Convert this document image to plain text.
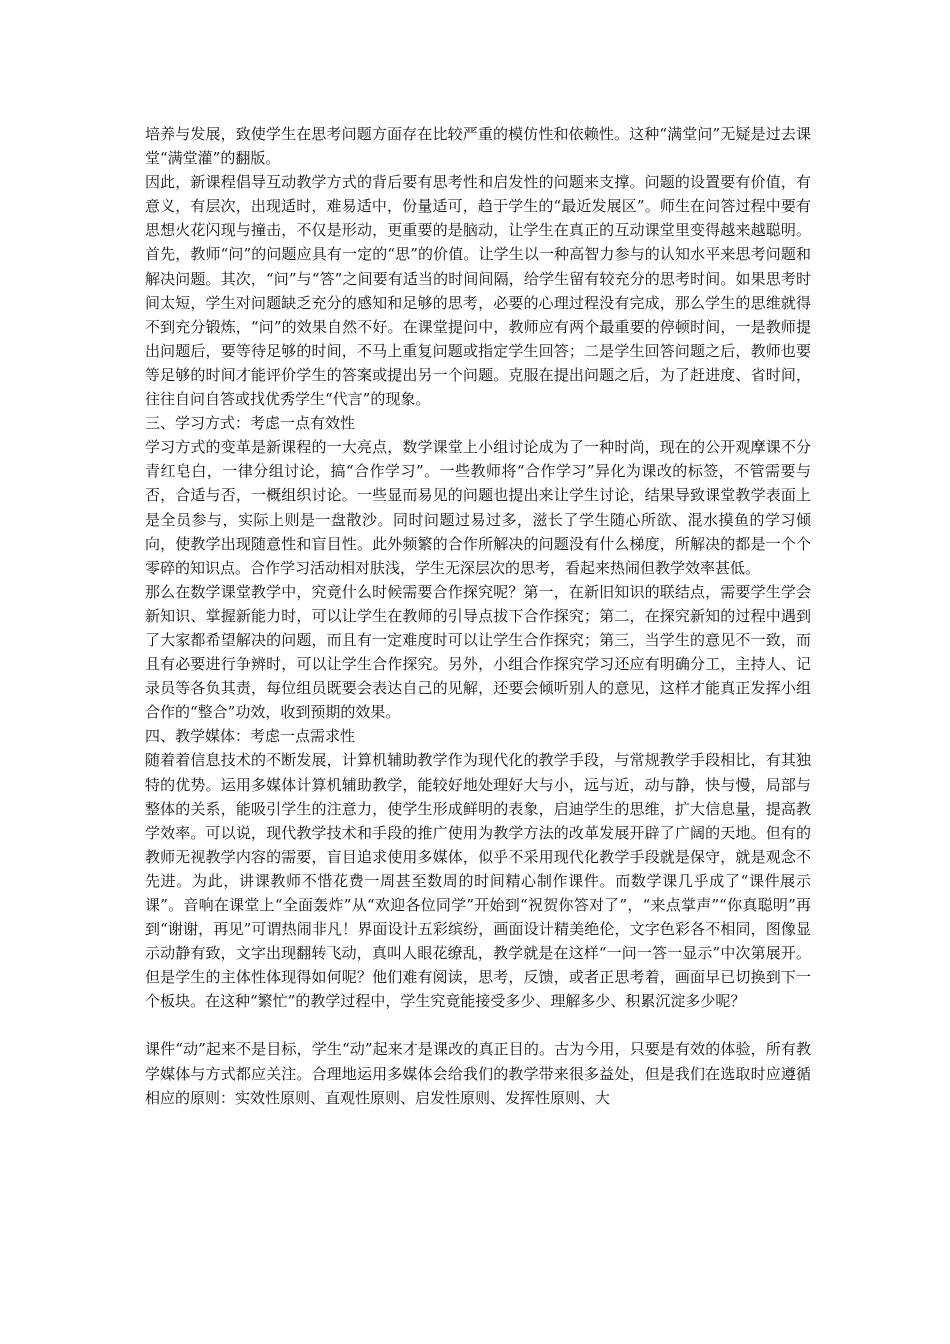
培养与发展，致使学生在思考问题方面存在比较严重的模仿性和依赖性。这种“满堂问”无疑是过去课堂“满堂灌”的翻版。

因此，新课程倡导互动教学方式的背后要有思考性和启发性的问题来支撑。问题的设置要有价值，有意义，有层次，出现适时，难易适中，份量适可，趋于学生的“最近发展区”。师生在问答过程中要有思想火花闪现与撞击，不仅是形动，更重要的是脑动，让学生在真正的互动课堂里变得越来越聪明。首先，教师“问”的问题应具有一定的“思”的价值。让学生以一种高智力参与的认知水平来思考问题和解决问题。其次，“问”与“答”之间要有适当的时间间隔，给学生留有较充分的思考时间。如果思考时间太短，学生对问题缺乏充分的感知和足够的思考，必要的心理过程没有完成，那么学生的思维就得不到充分锻炼，“问”的效果自然不好。在课堂提问中，教师应有两个最重要的停顿时间，一是教师提出问题后，要等待足够的时间，不马上重复问题或指定学生回答；二是学生回答问题之后，教师也要等足够的时间才能评价学生的答案或提出另一个问题。克服在提出问题之后，为了赶进度、省时间，往往自问自答或找优秀学生“代言”的现象。

三、学习方式：考虑一点有效性

学习方式的变革是新课程的一大亮点，数学课堂上小组讨论成为了一种时尚，现在的公开观摩课不分青红皂白，一律分组讨论，搞“合作学习”。一些教师将“合作学习”异化为课改的标签，不管需要与否，合适与否，一概组织讨论。一些显而易见的问题也提出来让学生讨论，结果导致课堂教学表面上是全员参与，实际上则是一盘散沙。同时问题过易过多，滋长了学生随心所欲、混水摸鱼的学习倾向，使教学出现随意性和盲目性。此外频繁的合作所解决的问题没有什么梯度，所解决的都是一个个零碎的知识点。合作学习活动相对肤浅，学生无深层次的思考，看起来热闹但教学效率甚低。

那么在数学课堂教学中，究竟什么时候需要合作探究呢？第一，在新旧知识的联结点，需要学生学会新知识、掌握新能力时，可以让学生在教师的引导点拔下合作探究；第二，在探究新知的过程中遇到了大家都希望解决的问题，而且有一定难度时可以让学生合作探究；第三，当学生的意见不一致，而且有必要进行争辨时，可以让学生合作探究。另外，小组合作探究学习还应有明确分工，主持人、记录员等各负其责，每位组员既要会表达自己的见解，还要会倾听别人的意见，这样才能真正发挥小组合作的“整合”功效，收到预期的效果。

四、教学媒体：考虑一点需求性

随着着信息技术的不断发展，计算机辅助教学作为现代化的教学手段，与常规教学手段相比，有其独特的优势。运用多媒体计算机辅助教学，能较好地处理好大与小，远与近，动与静，快与慢，局部与整体的关系，能吸引学生的注意力，使学生形成鲜明的表象，启迪学生的思维，扩大信息量，提高教学效率。可以说，现代教学技术和手段的推广使用为教学方法的改革发展开辟了广阔的天地。但有的教师无视教学内容的需要，盲目追求使用多媒体，似乎不采用现代化教学手段就是保守，就是观念不先进。为此，讲课教师不惜花费一周甚至数周的时间精心制作课件。而数学课几乎成了“课件展示课”。音响在课堂上“全面轰炸”从“欢迎各位同学”开始到“祝贺你答对了”，“来点掌声”“你真聪明”再到“谢谢，再见”可谓热闹非凡！界面设计五彩缤纷，画面设计精美绝伦，文字色彩各不相同，图像显示动静有致，文字出现翻转飞动，真叫人眼花缭乱，教学就是在这样“一问一答一显示”中次第展开。但是学生的主体性体现得如何呢？他们难有阅读，思考，反馈，或者正思考着，画面早已切换到下一个板块。在这种“繁忙”的教学过程中，学生究竟能接受多少、理解多少、积累沉淀多少呢？

课件“动”起来不是目标，学生“动”起来才是课改的真正目的。古为今用，只要是有效的体验，所有教学媒体与方式都应关注。合理地运用多媒体会给我们的教学带来很多益处，但是我们在选取时应遵循相应的原则：实效性原则、直观性原则、启发性原则、发挥性原则、大
